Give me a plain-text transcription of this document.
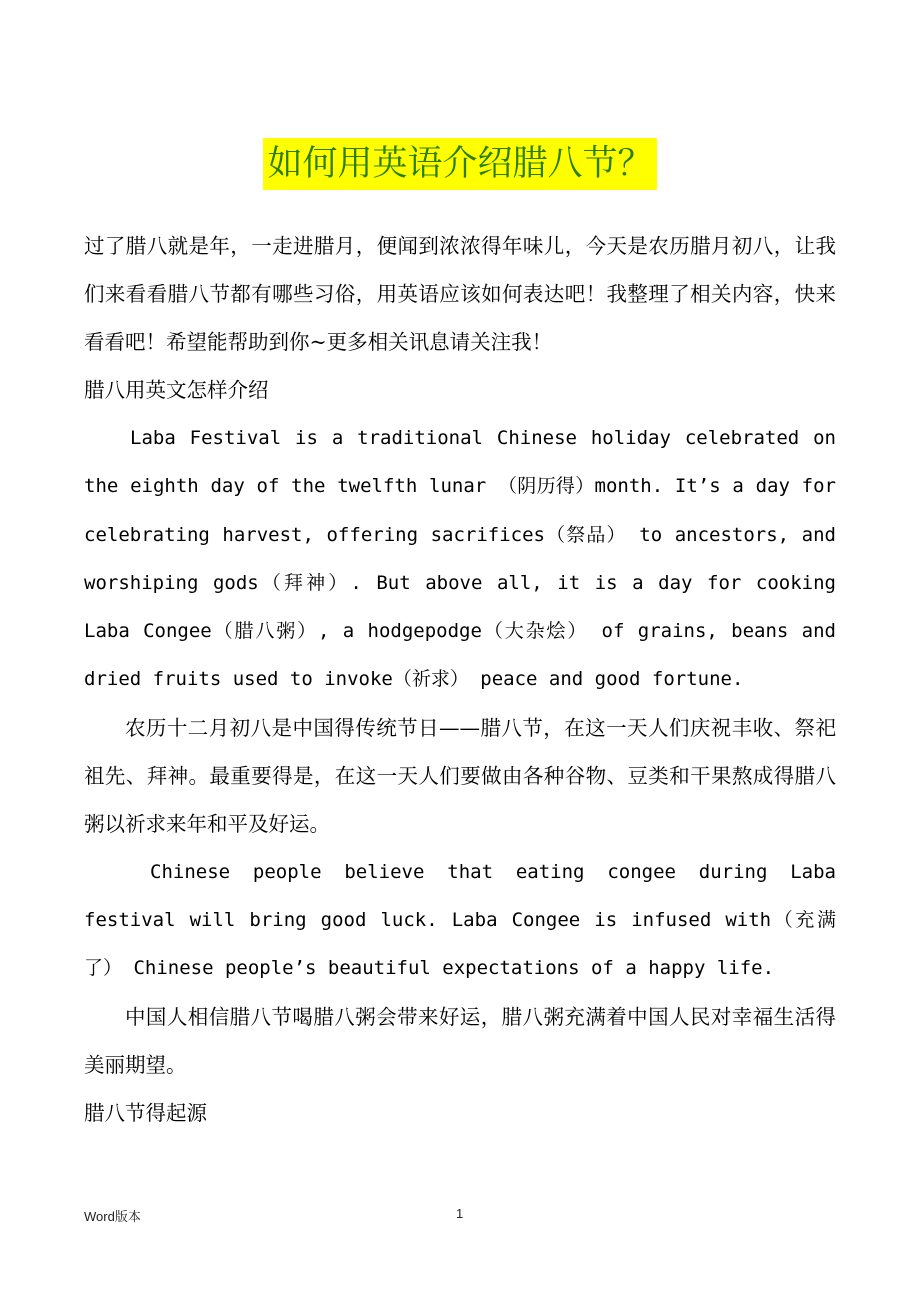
如何用英语介绍腊八节？

过了腊八就是年，一走进腊月，便闻到浓浓得年味儿，今天是农历腊月初八，让我们来看看腊八节都有哪些习俗，用英语应该如何表达吧！我整理了相关内容，快来看看吧！希望能帮助到你~更多相关讯息请关注我！

腊八用英文怎样介绍

Laba Festival is a traditional Chinese holiday celebrated on the eighth day of the twelfth lunar （阴历得）month. It’s a day for celebrating harvest, offering sacrifices（祭品） to ancestors, and worshiping gods（拜神）. But above all, it is a day for cooking Laba Congee（腊八粥）, a hodgepodge（大杂烩） of grains, beans and dried fruits used to invoke（祈求） peace and good fortune.

农历十二月初八是中国得传统节日——腊八节，在这一天人们庆祝丰收、祭祀祖先、拜神。最重要得是，在这一天人们要做由各种谷物、豆类和干果熬成得腊八粥以祈求来年和平及好运。

Chinese people believe that eating congee during Laba festival will bring good luck. Laba Congee is infused with（充满了） Chinese people’s beautiful expectations of a happy life.

中国人相信腊八节喝腊八粥会带来好运，腊八粥充满着中国人民对幸福生活得美丽期望。

腊八节得起源

Word版本	1
